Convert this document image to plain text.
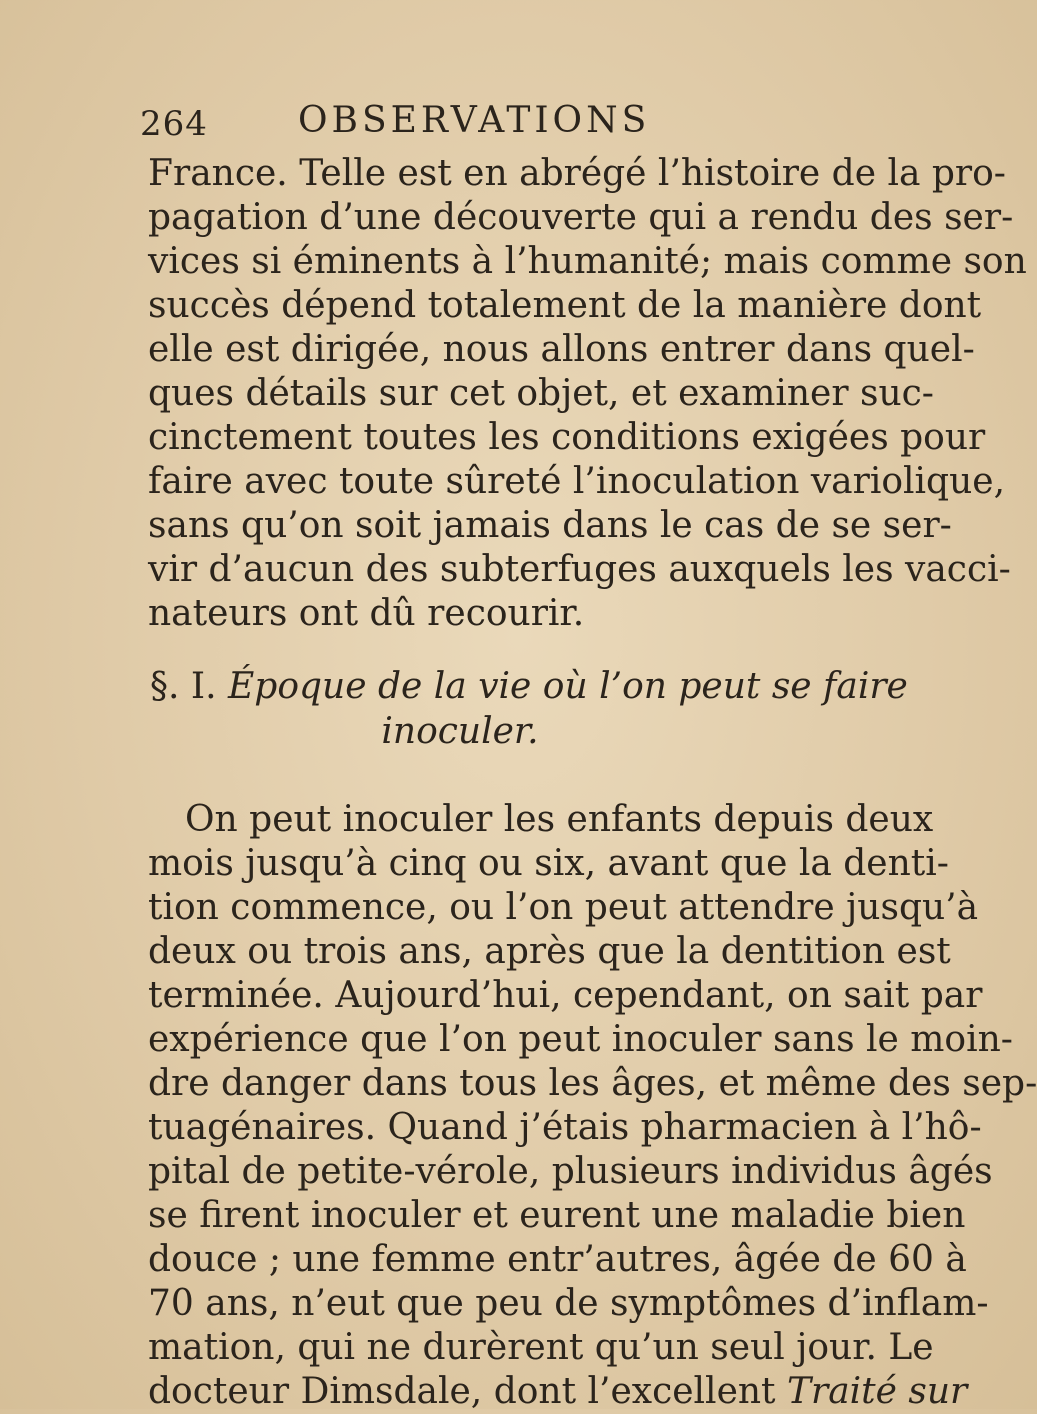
264	OBSERVATIONS
France. Telle est en abrégé l’histoire de la pro-
pagation d’une découverte qui a rendu des ser-
vices si éminents à l’humanité; mais comme son
succès dépend totalement de la manière dont
elle est dirigée, nous allons entrer dans quel-
ques détails sur cet objet, et examiner suc-
cinctement toutes les conditions exigées pour
faire avec toute sûreté l’inoculation variolique,
sans qu’on soit jamais dans le cas de se ser-
vir d’aucun des subterfuges auxquels les vacci-
nateurs ont dû recourir.
§. I. Époque de la vie où l’on peut se faire
inoculer.
On peut inoculer les enfants depuis deux
mois jusqu’à cinq ou six, avant que la denti-
tion commence, ou l’on peut attendre jusqu’à
deux ou trois ans, après que la dentition est
terminée. Aujourd’hui, cependant, on sait par
expérience que l’on peut inoculer sans le moin-
dre danger dans tous les âges, et même des sep-
tuagénaires. Quand j’étais pharmacien à l’hô-
pital de petite-vérole, plusieurs individus âgés
se firent inoculer et eurent une maladie bien
douce ; une femme entr’autres, âgée de 60 à
70 ans, n’eut que peu de symptômes d’inflam-
mation, qui ne durèrent qu’un seul jour. Le
docteur Dimsdale, dont l’excellent Traité sur
